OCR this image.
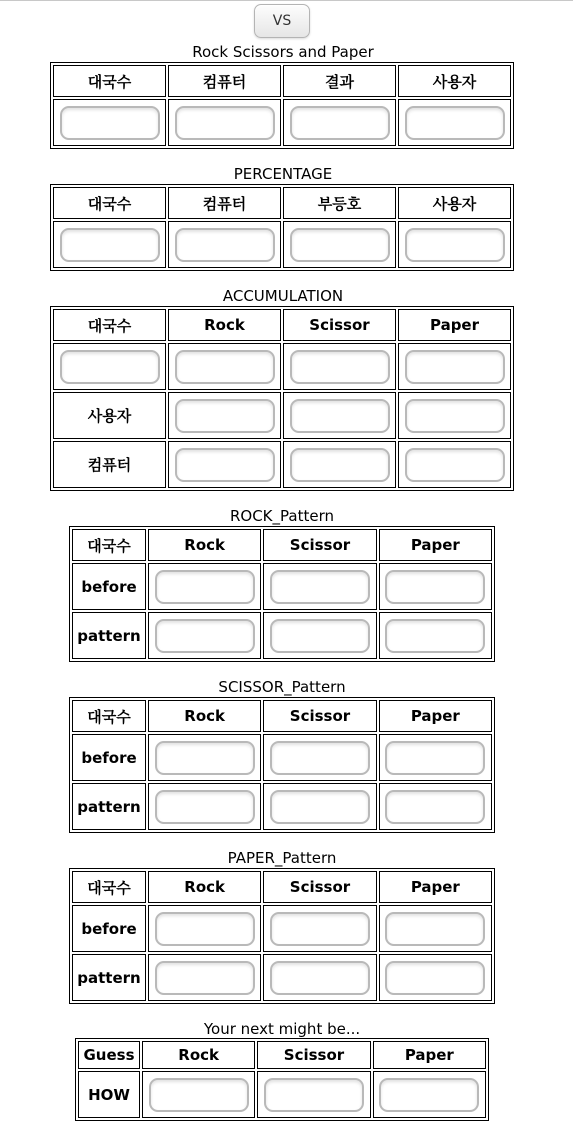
VS
Rock Scissors and Paper
대국수	컴퓨터	결과	사용자

PERCENTAGE
대국수	컴퓨터	부등호	사용자

ACCUMULATION
대국수	Rock	Scissor	Paper

사용자	

컴퓨터	

ROCK_Pattern
대국수	Rock	Scissor	Paper
before	

pattern	

SCISSOR_Pattern
대국수	Rock	Scissor	Paper
before	

pattern	

PAPER_Pattern
대국수	Rock	Scissor	Paper
before	

pattern	

Your next might be...
Guess	Rock	Scissor	Paper
HOW	
